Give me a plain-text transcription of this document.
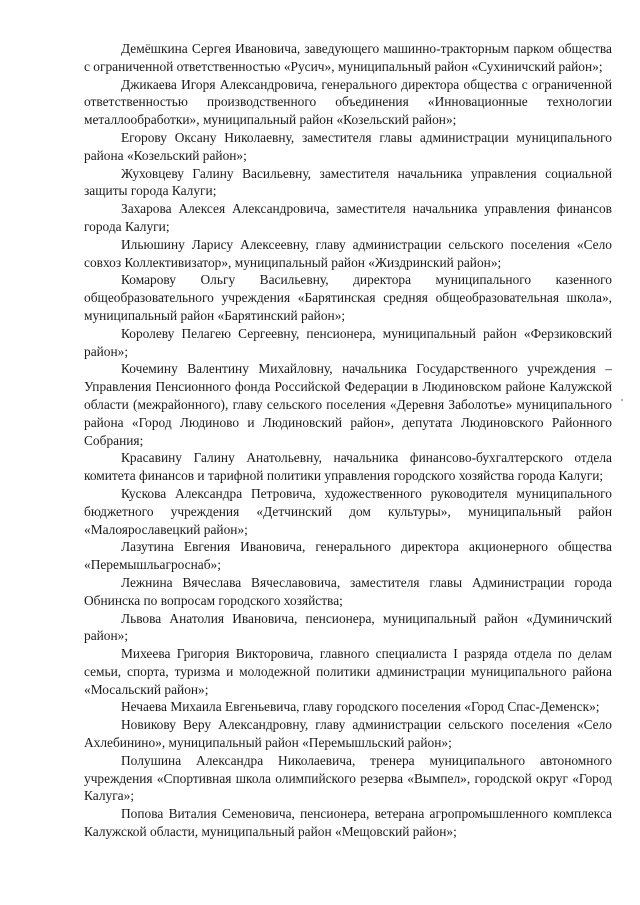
Демёшкина Сергея Ивановича, заведующего машинно-тракторным парком общества с ограниченной ответственностью «Русич», муниципальный район «Сухиничский район»;

Джикаева Игоря Александровича, генерального директора общества с ограниченной ответственностью производственного объединения «Инновационные технологии металлообработки», муниципальный район «Козельский район»;

Егорову Оксану Николаевну, заместителя главы администрации муниципального района «Козельский район»;

Жуховцеву Галину Васильевну, заместителя начальника управления социальной защиты города Калуги;

Захарова Алексея Александровича, заместителя начальника управления финансов города Калуги;

Ильюшину Ларису Алексеевну, главу администрации сельского поселения «Село совхоз Коллективизатор», муниципальный район «Жиздринский район»;

Комарову Ольгу Васильевну, директора муниципального казенного общеобразовательного учреждения «Барятинская средняя общеобразовательная школа», муниципальный район «Барятинский район»;

Королеву Пелагею Сергеевну, пенсионера, муниципальный район «Ферзиковский район»;

Кочемину Валентину Михайловну, начальника Государственного учреждения – Управления Пенсионного фонда Российской Федерации в Людиновском районе Калужской области (межрайонного), главу сельского поселения «Деревня Заболотье» муниципального района «Город Людиново и Людиновский район», депутата Людиновского Районного Собрания;

Красавину Галину Анатольевну, начальника финансово-бухгалтерского отдела комитета финансов и тарифной политики управления городского хозяйства города Калуги;

Кускова Александра Петровича, художественного руководителя муниципального бюджетного учреждения «Детчинский дом культуры», муниципальный район «Малоярославецкий район»;

Лазутина Евгения Ивановича, генерального директора акционерного общества «Перемышльагроснаб»;

Лежнина Вячеслава Вячеславовича, заместителя главы Администрации города Обнинска по вопросам городского хозяйства;

Львова Анатолия Ивановича, пенсионера, муниципальный район «Думиничский район»;

Михеева Григория Викторовича, главного специалиста I разряда отдела по делам семьи, спорта, туризма и молодежной политики администрации муниципального района «Мосальский район»;

Нечаева Михаила Евгеньевича, главу городского поселения «Город Спас-Деменск»;

Новикову Веру Александровну, главу администрации сельского поселения «Село Ахлебинино», муниципальный район «Перемышльский район»;

Полушина Александра Николаевича, тренера муниципального автономного учреждения «Спортивная школа олимпийского резерва «Вымпел», городской округ «Город Калуга»;

Попова Виталия Семеновича, пенсионера, ветерана агропромышленного комплекса Калужской области, муниципальный район «Мещовский район»;
